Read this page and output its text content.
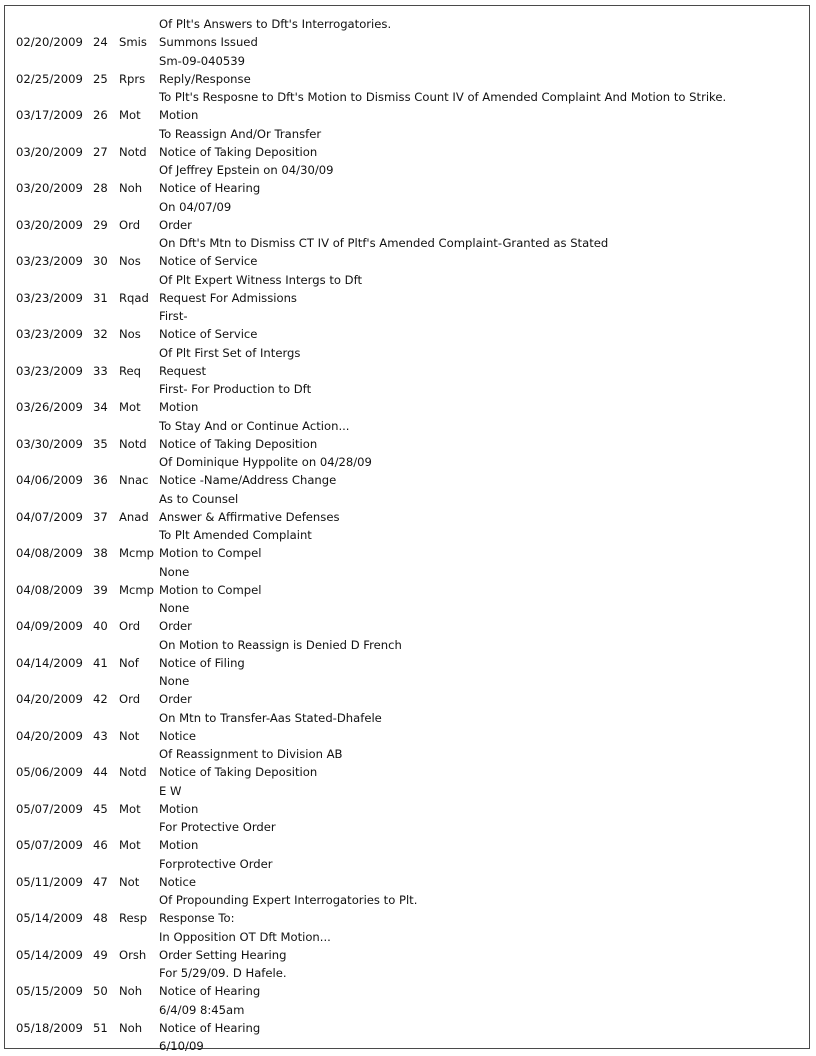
Of Plt's Answers to Dft's Interrogatories.
02/20/2009 24 Smis Summons Issued
Sm-09-040539
02/25/2009 25 Rprs Reply/Response
To Plt's Resposne to Dft's Motion to Dismiss Count IV of Amended Complaint And Motion to Strike.
03/17/2009 26 Mot Motion
To Reassign And/Or Transfer
03/20/2009 27 Notd Notice of Taking Deposition
Of Jeffrey Epstein on 04/30/09
03/20/2009 28 Noh Notice of Hearing
On 04/07/09
03/20/2009 29 Ord Order
On Dft's Mtn to Dismiss CT IV of Pltf's Amended Complaint-Granted as Stated
03/23/2009 30 Nos Notice of Service
Of Plt Expert Witness Intergs to Dft
03/23/2009 31 Rqad Request For Admissions
First-
03/23/2009 32 Nos Notice of Service
Of Plt First Set of Intergs
03/23/2009 33 Req Request
First- For Production to Dft
03/26/2009 34 Mot Motion
To Stay And or Continue Action...
03/30/2009 35 Notd Notice of Taking Deposition
Of Dominique Hyppolite on 04/28/09
04/06/2009 36 Nnac Notice -Name/Address Change
As to Counsel
04/07/2009 37 Anad Answer & Affirmative Defenses
To Plt Amended Complaint
04/08/2009 38 Mcmp Motion to Compel
None
04/08/2009 39 Mcmp Motion to Compel
None
04/09/2009 40 Ord Order
On Motion to Reassign is Denied D French
04/14/2009 41 Nof Notice of Filing
None
04/20/2009 42 Ord Order
On Mtn to Transfer-Aas Stated-Dhafele
04/20/2009 43 Not Notice
Of Reassignment to Division AB
05/06/2009 44 Notd Notice of Taking Deposition
E W
05/07/2009 45 Mot Motion
For Protective Order
05/07/2009 46 Mot Motion
Forprotective Order
05/11/2009 47 Not Notice
Of Propounding Expert Interrogatories to Plt.
05/14/2009 48 Resp Response To:
In Opposition OT Dft Motion...
05/14/2009 49 Orsh Order Setting Hearing
For 5/29/09. D Hafele.
05/15/2009 50 Noh Notice of Hearing
6/4/09 8:45am
05/18/2009 51 Noh Notice of Hearing
6/10/09
